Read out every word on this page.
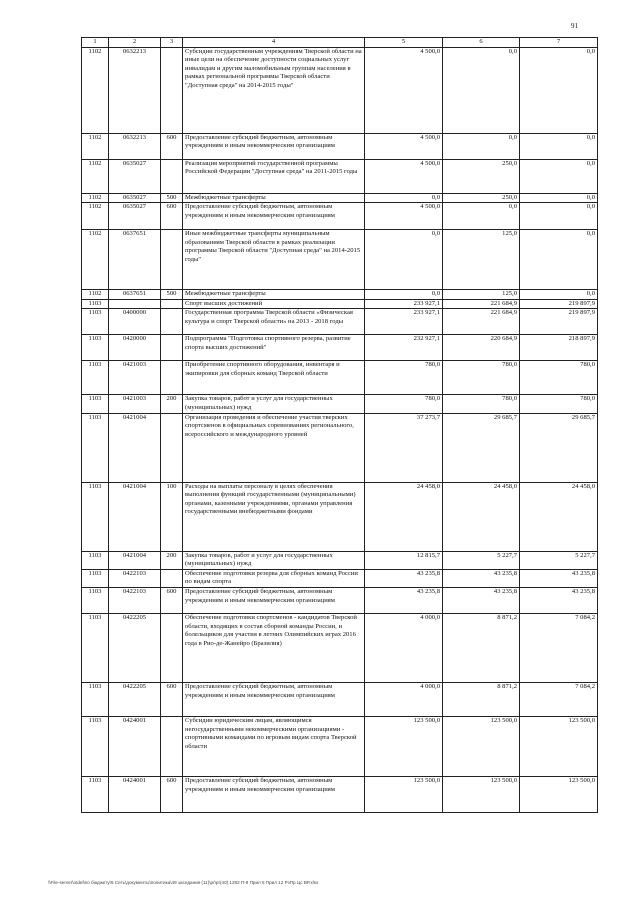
91
1	2	3	4	5	6	7
1102	0632213		Субсидии государственным учреждениям Тверской области на иные цели на обеспечение доступности социальных услуг инвалидам и другим маломобильным группам населения в рамках региональной программы Тверской области "Доступная среда" на 2014-2015 годы"	4 500,0	0,0	0,0
1102	0632213	600	Предоставление субсидий бюджетным, автономным учреждениям и иным некоммерческим организациям	4 500,0	0,0	0,0
1102	0635027		Реализация мероприятий государственной программы Российской Федерации "Доступная среда" на 2011-2015 годы	4 500,0	250,0	0,0
1102	0635027	500	Межбюджетные трансферты	0,0	250,0	0,0
1102	0635027	600	Предоставление субсидий бюджетным, автономным учреждениям и иным некоммерческим организациям	4 500,0	0,0	0,0
1102	0637651		Иные межбюджетные трансферты муниципальным образованиям Тверской области в рамках реализации программы Тверской области "Доступная среда" на 2014-2015 годы"	0,0	125,0	0,0
1102	0637651	500	Межбюджетные трансферты	0,0	125,0	0,0
1103			Спорт высших достижений	233 927,1	221 684,9	219 897,9
1103	0400000		Государственная программа Тверской области «Физическая культура и спорт Тверской области» на 2013 - 2018 годы	233 927,1	221 684,9	219 897,9
1103	0420000		Подпрограмма "Подготовка спортивного резерва, развитие спорта высших достижений"	232 927,1	220 684,9	218 897,9
1103	0421003		Приобретение спортивного оборудования, инвентаря и экипировки для сборных команд Тверской области	780,0	780,0	780,0
1103	0421003	200	Закупка товаров, работ и услуг для государственных (муниципальных) нужд	780,0	780,0	780,0
1103	0421004		Организация проведения и обеспечение участия тверских спортсменов в официальных соревнованиях регионального, всероссийского и международного уровней	37 273,7	29 685,7	29 685,7
1103	0421004	100	Расходы на выплаты персоналу в целях обеспечения выполнения функций государственными (муниципальными) органами, казенными учреждениями, органами управления государственными внебюджетными фондами	24 458,0	24 458,0	24 458,0
1103	0421004	200	Закупка товаров, работ и услуг для государственных (муниципальных) нужд	12 815,7	5 227,7	5 227,7
1103	0422103		Обеспечение подготовки резерва для сборных команд России по видам спорта	43 235,8	43 235,8	43 235,8
1103	0422103	600	Предоставление субсидий бюджетным, автономным учреждениям и иным некоммерческим организациям	43 235,8	43 235,8	43 235,8
1103	0422205		Обеспечение подготовки спортсменов - кандидатов Тверской области, входящих в состав сборной команды России, и болельщиков для участия в летних Олимпийских играх 2016 года в Рио-де-Жанейро (Бразилия)	4 000,0	8 871,2	7 084,2
1103	0422205	600	Предоставление субсидий бюджетным, автономным учреждениям и иным некоммерческим организациям	4 000,0	8 871,2	7 084,2
1103	0424001		Субсидии юридическим лицам, являющимся негосударственными некоммерческими организациями - спортивными командами по игровым видам спорта Тверской области	123 500,0	123 500,0	123 500,0
1103	0424001	600	Предоставление субсидий бюджетным, автономным учреждениям и иным некоммерческим организациям	123 500,0	123 500,0	123 500,0
\\File-server\otdel\по бюджету\5 Сеть\документы\политика\49 заседания (11)\pr\pr(40) 1292 П-9 Прил 5 Прил 12 РзПр Цс ВР.xlsx
